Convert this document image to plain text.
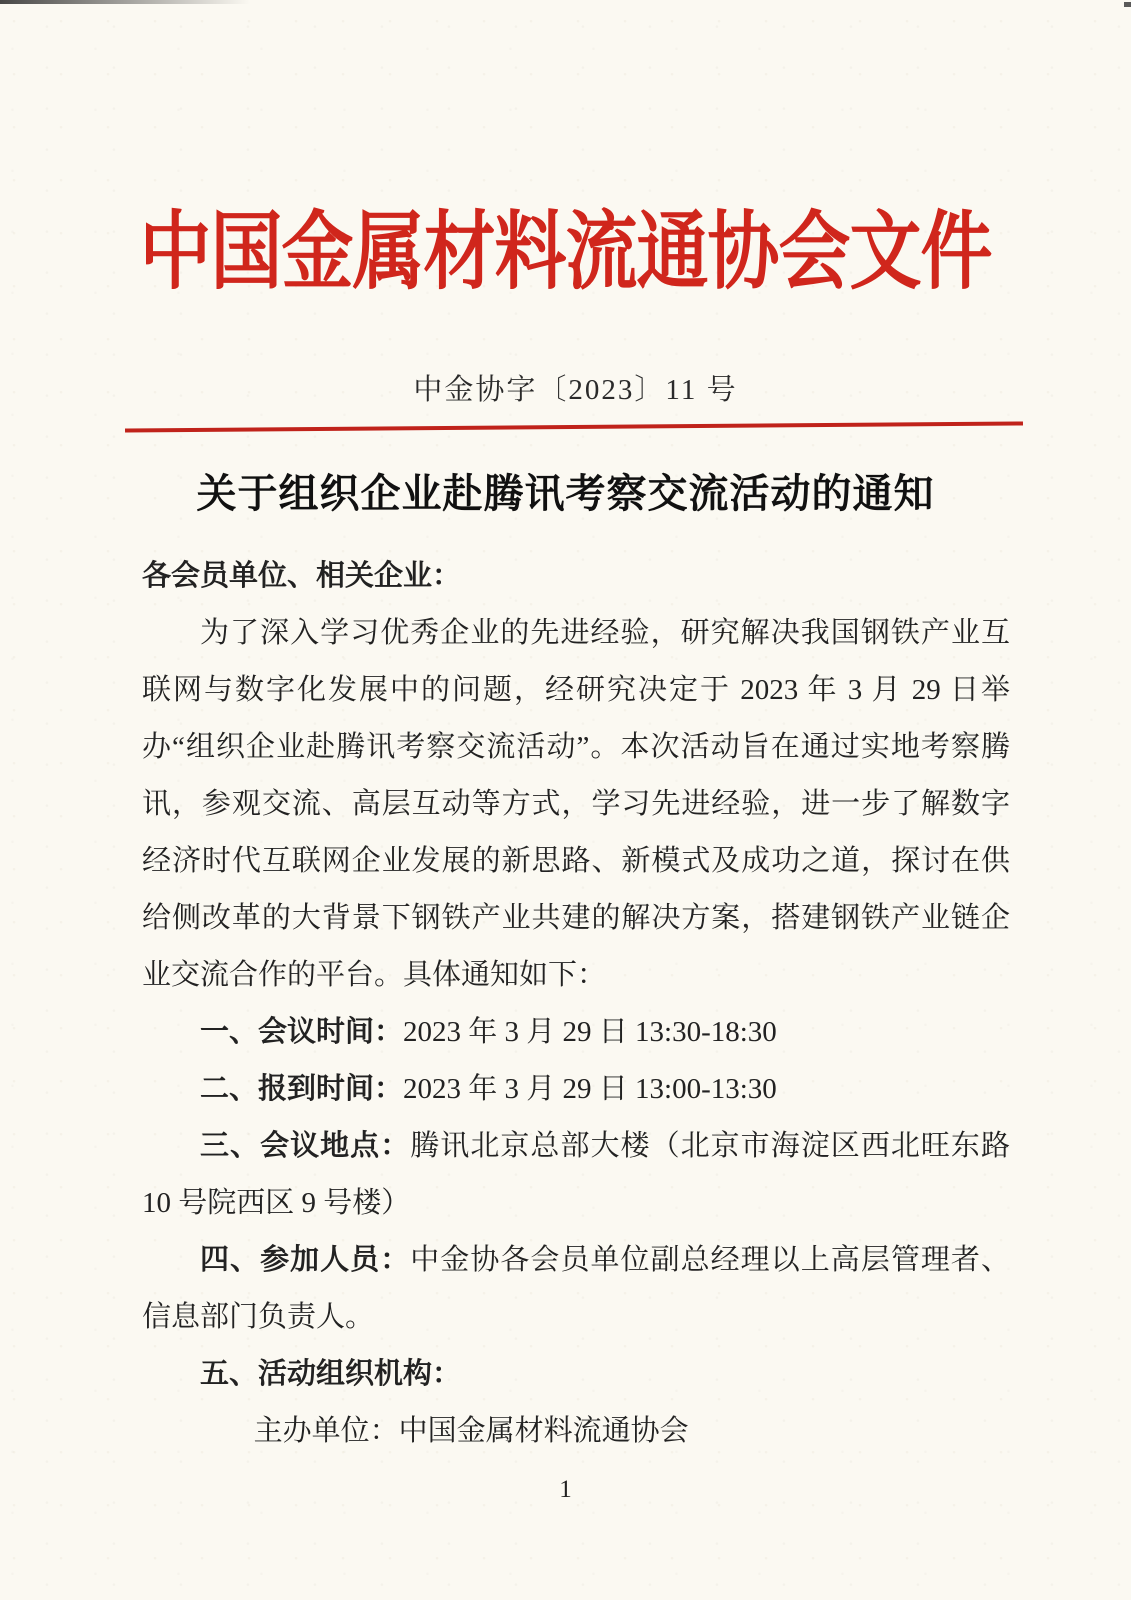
中国金属材料流通协会文件
中金协字〔2023〕11 号
关于组织企业赴腾讯考察交流活动的通知

各会员单位、相关企业：

为了深入学习优秀企业的先进经验，研究解决我国钢铁产业互联网与数字化发展中的问题，经研究决定于 2023 年 3 月 29 日举办“组织企业赴腾讯考察交流活动”。本次活动旨在通过实地考察腾讯，参观交流、高层互动等方式，学习先进经验，进一步了解数字经济时代互联网企业发展的新思路、新模式及成功之道，探讨在供给侧改革的大背景下钢铁产业共建的解决方案，搭建钢铁产业链企业交流合作的平台。具体通知如下：

一、会议时间：2023 年 3 月 29 日 13:30-18:30

二、报到时间：2023 年 3 月 29 日 13:00-13:30

三、会议地点：腾讯北京总部大楼（北京市海淀区西北旺东路 10 号院西区 9 号楼）

四、参加人员：中金协各会员单位副总经理以上高层管理者、信息部门负责人。

五、活动组织机构：

主办单位：中国金属材料流通协会

1
